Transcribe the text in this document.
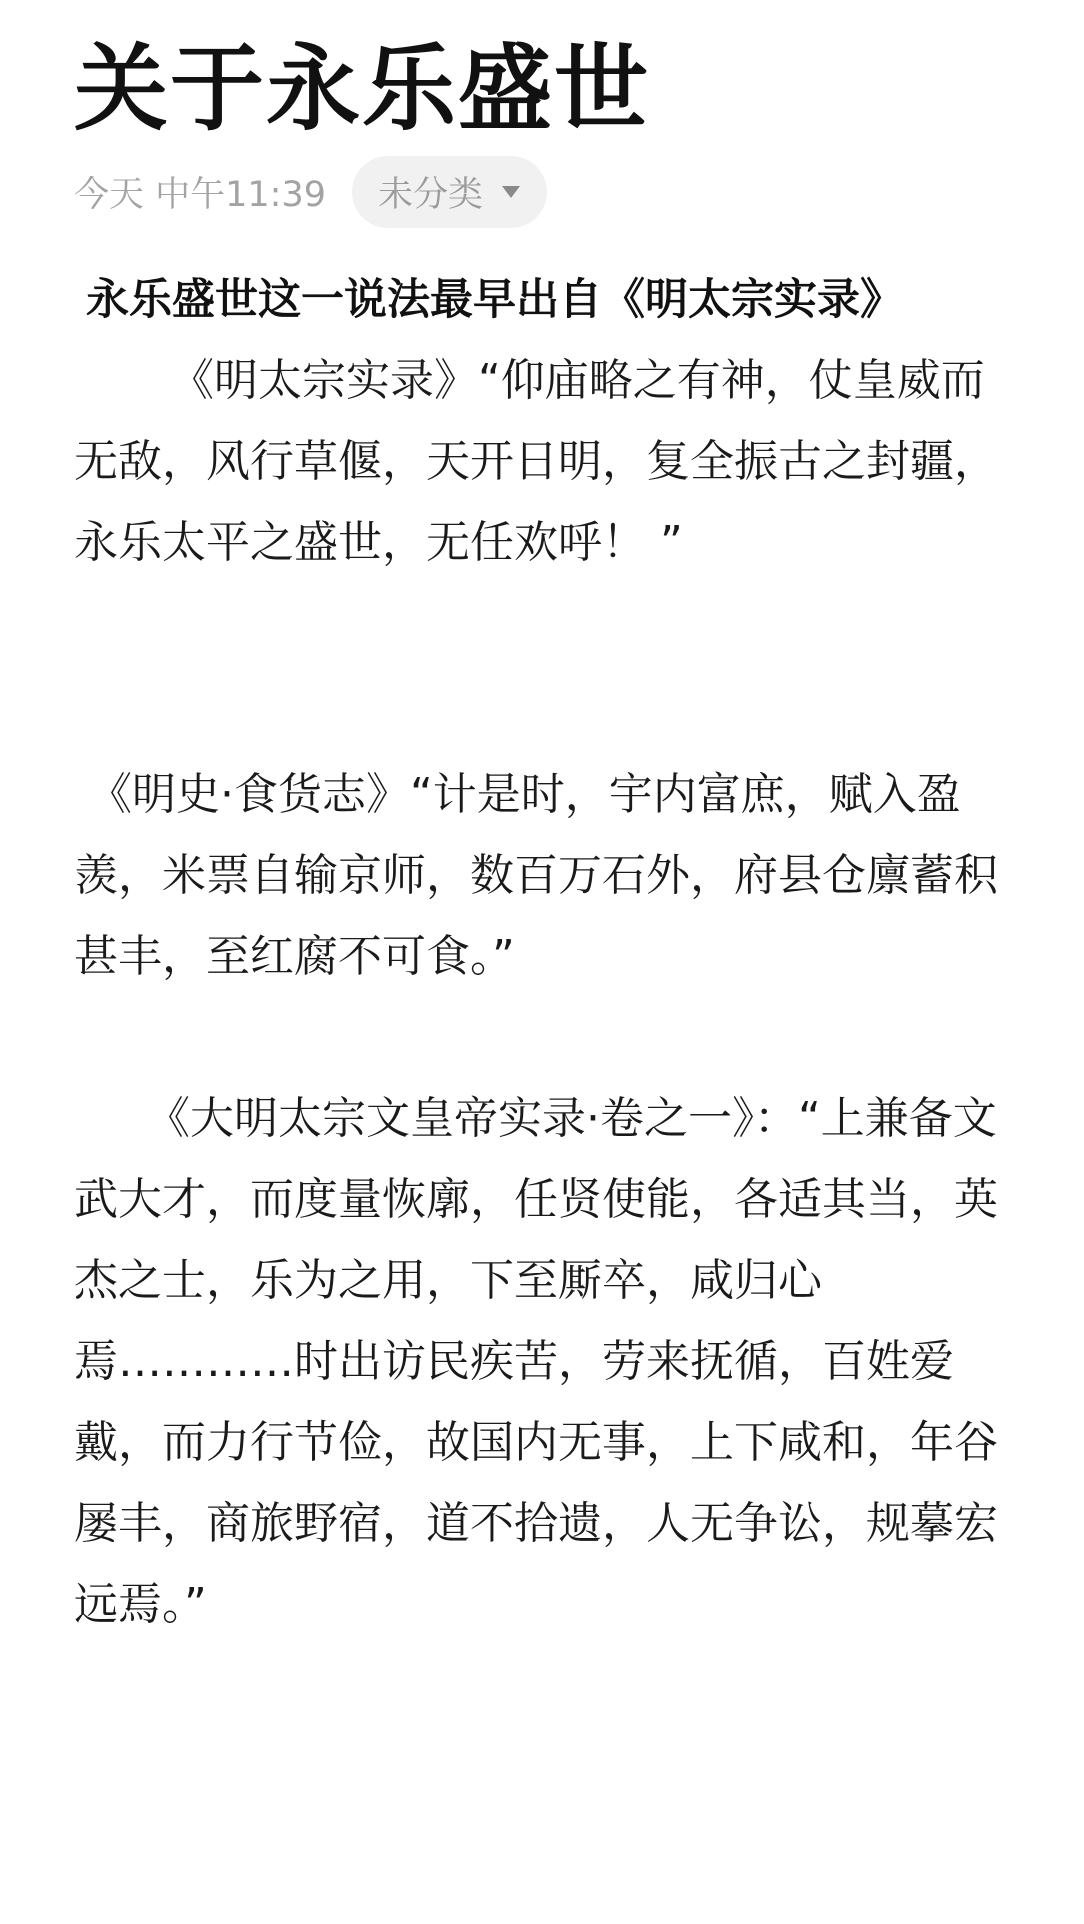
关于永乐盛世
今天 中午11:39 未分类

永乐盛世这一说法最早出自《明太宗实录》

《明太宗实录》“仰庙略之有神，仗皇威而无敌，风行草偃，天开日明，复全振古之封疆，永乐太平之盛世，无任欢呼！ ”

《明史·食货志》“计是时，宇内富庶，赋入盈羡，米票自输京师，数百万石外，府县仓廪蓄积甚丰，至红腐不可食。”

《大明太宗文皇帝实录·卷之一》：“上兼备文武大才，而度量恢廓，任贤使能，各适其当，英杰之士，乐为之用，下至厮卒，咸归心焉…………时出访民疾苦，劳来抚循，百姓爱戴，而力行节俭，故国内无事，上下咸和，年谷屡丰，商旅野宿，道不拾遗，人无争讼，规摹宏远焉。”
